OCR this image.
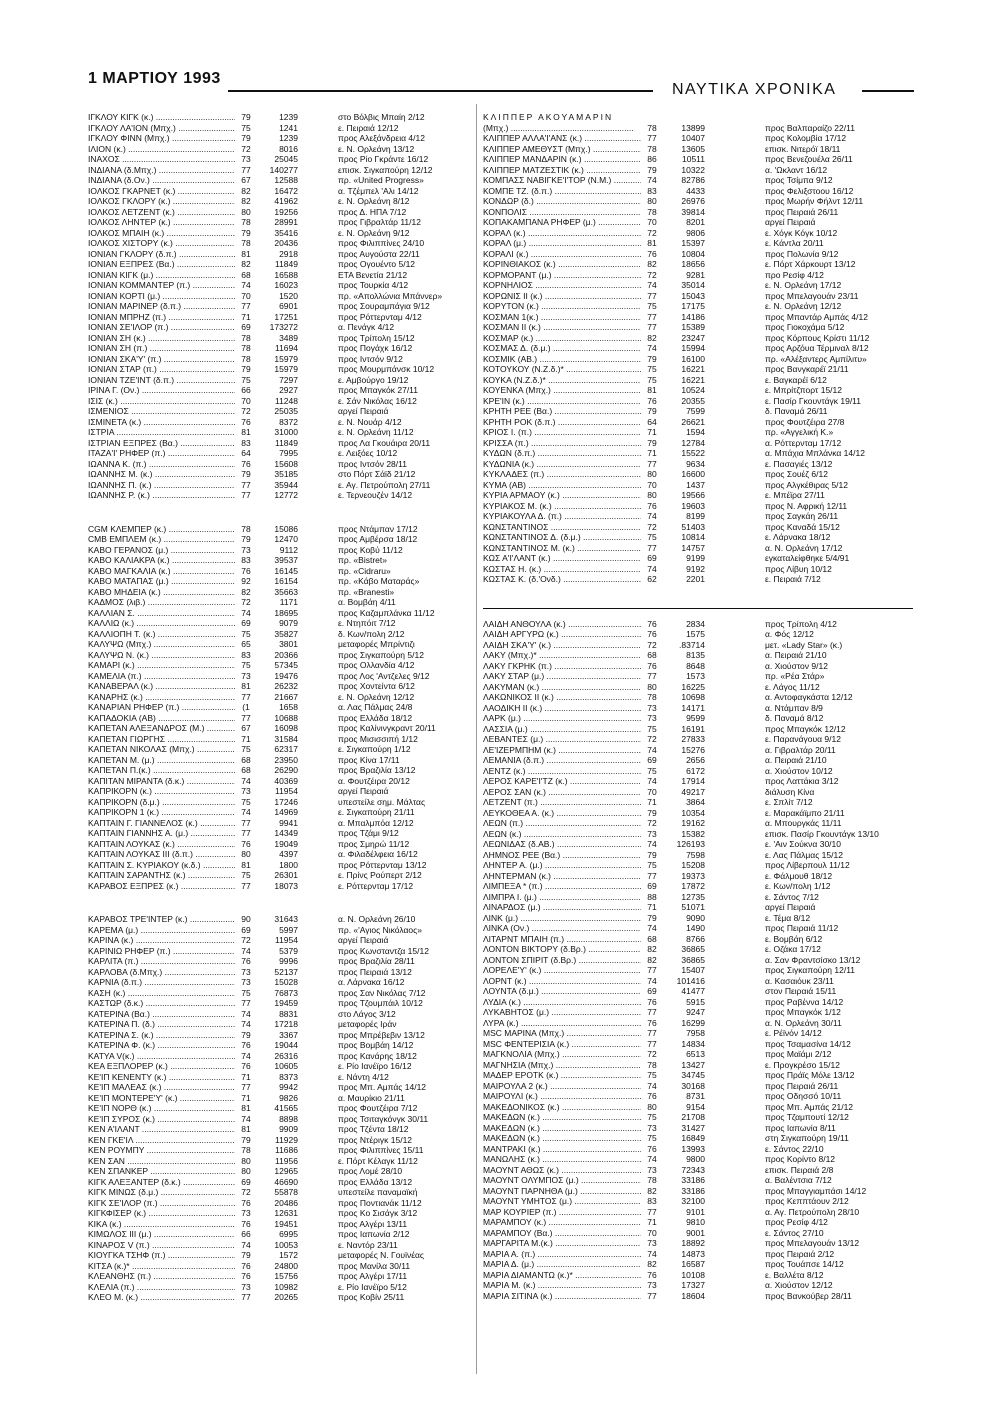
1 ΜΑΡΤΙΟΥ 1993
ΝΑΥΤΙΚΑ ΧΡΟΝΙΚΑ
ΙΓΚΛΟΥ ΚΙΓΚ (κ.) .....	79	1239	στο Βόλβις Μπαίη 2/12
ΙΓΚΛΟΥ ΛΑ'ΙΟΝ (Μπχ.) .....	75	1241	ε. Πειραιά 12/12
ΙΓΚΛΟΥ ΦΙΝΝ (Μπχ.) .....	79	1239	προς Αλεξάνδρεια 4/12
ΙΛΙΟΝ (κ.) .....	72	8016	ε. Ν. Ορλεάνη 13/12
ΙΝΑΧΟΣ .....	73	25045	προς Ρίο Γκράντε 16/12
ΙΝΔΙΑΝΑ (δ.Μπχ.) .....	77	140277	επισκ. Σιγκαπούρη 12/12
ΙΝΔΙΑΝΑ (δ.Ον.) .....	67	12588	πρ. «United Progress»
ΙΟΛΚΟΣ ΓΚΑΡΝΕΤ (κ.) .....	82	16472	α. Τζέμπελ 'Αλι 14/12
ΙΟΛΚΟΣ ΓΚΛΟΡΥ (κ.) .....	82	41962	ε. Ν. Ορλεάνη 8/12
ΙΟΛΚΟΣ ΛΕΤΖΕΝΤ (κ.) .....	80	19256	προς Δ. ΗΠΑ 7/12
ΙΟΛΚΟΣ ΛΗΝΤΕΡ (κ.) .....	78	28991	προς Γιβραλτάρ 11/12
ΙΟΛΚΟΣ ΜΠΑΙΗ (κ.) .....	79	35416	ε. Ν. Ορλεάνη 9/12
ΙΟΛΚΟΣ ΧΙΣΤΟΡΥ (κ.) .....	78	20436	προς Φιλιππίνες 24/10
ΙΟΝΙΑΝ ΓΚΛΟΡΥ (δ.π.) .....	81	2918	προς Αυγούστα 22/11
ΙΟΝΙΑΝ ΕΞΠΡΕΣ (Βα.) .....	82	11849	προς Ογουέντο 5/12
ΙΟΝΙΑΝ ΚΙΓΚ (μ.) .....	68	16588	ΕΤΑ Βενετία 21/12
ΙΟΝΙΑΝ ΚΟΜΜΑΝΤΕΡ (π.) .....	74	16023	προς Τουρκία 4/12
ΙΟΝΙΑΝ ΚΟΡΤΙ (μ.) .....	70	1520	πρ. «Απολλώνια Μπάννερ»
ΙΟΝΙΑΝ ΜΑΡΙΝΕΡ (δ.π.) .....	77	6901	προς Σουραμπάγια 9/12
ΙΟΝΙΑΝ ΜΠΡΗΖ (π.) .....	71	17251	προς Ρόττερνταμ 4/12
ΙΟΝΙΑΝ ΣΕ'ΙΛΟΡ (π.) .....	69	173272	α. Πενάγκ 4/12
ΙΟΝΙΑΝ ΣΗ (κ.) .....	78	3489	προς Τρίπολη 15/12
ΙΟΝΙΑΝ ΣΗ (π.) .....	78	11694	προς Πογάχκ 16/12
ΙΟΝΙΑΝ ΣΚΑ'Υ' (π.) .....	78	15979	προς Ιντσόν 9/12
ΙΟΝΙΑΝ ΣΤΑΡ (π.) .....	79	15979	προς Μουρμπάνσκ 10/12
ΙΟΝΙΑΝ ΤΖΕ'ΙΝΤ (δ.π.) .....	75	7297	ε. Αμβούργο 19/12
ΙΡΙΝΑ Γ. (Ον.) .....	66	2927	προς Μπαγκόκ 27/11
ΙΣΙΣ (κ.) .....	70	11248	ε. Σάν Νικόλας 16/12
ΙΣΜΕΝΙΟΣ .....	72	25035	αργεί Πειραιά
ΙΣΜΙΝΕΤΑ (κ.) .....	76	8372	ε. Ν. Νουάρ 4/12
ΙΣΤΡΙΑ .....	81	31000	ε. Ν. Ορλεάνη 11/12
ΙΣΤΡΙΑΝ ΕΞΠΡΕΣ (Βα.) .....	83	11849	προς Λα Γκουάιρα 20/11
ΙΤΑΖΑ'Ι' ΡΗΦΕΡ (π.) .....	64	7995	ε. Λειξόες 10/12
ΙΩΑΝΝΑ Κ. (π.) .....	76	15608	προς Ιντσόν 28/11
ΙΩΑΝΝΗΣ Μ. (κ.) .....	79	35185	στο Πόρτ Σάϊδ 21/12
ΙΩΑΝΝΗΣ Π. (κ.) .....	77	35944	ε. Αγ. Πετρούπολη 27/11
ΙΩΑΝΝΗΣ Ρ. (κ.) .....	77	12772	ε. Τερνεουζέν 14/12
CGM ΚΛΕΜΠΕΡ (κ.) .....	78	15086	προς Ντάμπαν 17/12
CMB ΕΜΠΛΕΜ (κ.) .....	79	12470	προς Αμβέρσα 18/12
ΚΑΒΟ ΓΕΡΑΝΟΣ (μ.) .....	73	9112	προς Κοβύ 11/12
ΚΑΒΟ ΚΑΛΙΑΚΡΑ (κ.) .....	83	39537	πρ. «Bistret»
ΚΑΒΟ ΜΑΓΚΑΛΙΑ (κ.) .....	76	16145	πρ. «Cidraru»
ΚΑΒΟ ΜΑΤΑΠΑΣ (μ.) .....	92	16154	πρ. «Κάβο Ματαράς»
ΚΑΒΟ ΜΗΔΕΙΑ (κ.) .....	82	35663	πρ. «Branesti»
ΚΑΔΜΟΣ (λιβ.) .....	72	1171	α. Βομβάη 4/11
ΚΑΛΛΙΑΝ Σ. .....	74	18695	προς Καζαμπλάνκα 11/12
ΚΑΛΛΙΩ (κ.) .....	69	9079	ε. Ντηπόιτ 7/12
ΚΑΛΛΙΟΠΗ Τ. (κ.) .....	75	35827	δ. Κων/πολη 2/12
ΚΑΛΥΨΩ (Μπχ.) .....	65	3801	μεταφορές Μπρίντιζι
ΚΑΛΥΨΩ Ν. (κ.) .....	83	20366	προς Σιγκαπούρη 5/12
ΚΑΜΑΡΙ (κ.) .....	75	57345	προς Ολλανδία 4/12
ΚΑΜΕΛΙΑ (π.) .....	73	19476	προς Λος 'Αντζελες 9/12
ΚΑΝΑΒΕΡΑΛ (κ.) .....	81	26232	προς Χοντείντα 6/12
ΚΑΝΑΡΗΣ (κ.) .....	77	21667	ε. Ν. Ορλεάνη 12/12
ΚΑΝΑΡΙΑΝ ΡΗΦΕΡ (π.) .....	(1	1658	α. Λας Πάλμας 24/8
ΚΑΠΑΔΟΚΙΑ (ΑΒ) .....	77	10688	προς Ελλάδα 18/12
ΚΑΠΕΤΑΝ ΑΛΕΞΑΝΔΡΟΣ (Μ.) .....	67	16098	προς Καλίνινγκραντ 20/11
ΚΑΠΕΤΑΝ ΓΙΩΡΓΗΣ .....	71	31584	προς Μισισσιπή 1/12
ΚΑΠΕΤΑΝ ΝΙΚΟΛΑΣ (Μπχ.) .....	75	62317	ε. Σιγκαπούρη 1/12
ΚΑΠΕΤΑΝ Μ. (μ.) .....	68	23950	προς Κίνα 17/11
ΚΑΠΕΤΑΝ Π.(κ.) .....	68	26290	προς Βραζιλία 13/12
ΚΑΠΙΤΑΝ ΜΙΡΑΝΤΑ (δ.κ.) .....	74	40369	α. Φουτζέιρα 20/12
ΚΑΠΡΙΚΟΡΝ (κ.) .....	73	11954	αργεί Πειραιά
ΚΑΠΡΙΚΟΡΝ (δ.μ.) .....	75	17246	υπεστείλε σημ. Μάλτας
ΚΑΠΡΙΚΟΡΝ 1 (κ.) .....	74	14969	ε. Σιγκαπούρη 21/11
ΚΑΠΤΑΙΝ Γ. ΓΙΑΝΝΕΛΟΣ (κ.) .....	77	9941	α. Μπαλμπόα 12/12
ΚΑΠΤΑΙΝ ΓΙΑΝΝΗΣ Α. (μ.) .....	77	14349	προς Τζάμι 9/12
ΚΑΠΤΑΙΝ ΛΟΥΚΑΣ (κ.) .....	76	19049	προς Σμηρώ 11/12
ΚΑΠΤΑΙΝ ΛΟΥΚΑΣ ΙΙΙ (δ.π.) .....	80	4397	α. Φιλαδέλφεια 16/12
ΚΑΠΤΑΙΝ Σ. ΚΥΡΙΑΚΟΥ (κ.δ.) .....	81	1800	προς Ρόττερνταμ 13/12
ΚΑΠΤΑΙΝ ΣΑΡΑΝΤΗΣ (κ.) .....	75	26301	ε. Πρίνς Ρούπερτ 2/12
ΚΑΡΑΒΟΣ ΕΞΠΡΕΣ (κ.) .....	77	18073	ε. Ρόττερνταμ 17/12
ΚΑΡΑΒΟΣ ΤΡΕ'ΙΝΤΕΡ (κ.) .....	90	31643	α. Ν. Ορλεάνη 26/10
ΚΑΡΕΜΑ (μ.) .....	69	5997	πρ. «'Αγιος Νικόλαος»
ΚΑΡΙΝΑ (κ.) .....	72	11954	αργεί Πειραιά
ΚΑΡΙΝΙΩ ΡΗΦΕΡ (π.) .....	74	5379	προς Κωνσταντζα 15/12
ΚΑΡΛΙΤΑ (π.) .....	76	9996	προς Βραζιλία 28/11
ΚΑΡΛΟΒΑ (δ.Μπχ.) .....	73	52137	προς Πειραιά 13/12
ΚΑΡΝΙΑ (δ.π.) .....	73	15028	α. Λάρνακα 16/12
ΚΑΣΗ (κ.) .....	75	76873	προς Σαν Νικόλας 7/12
ΚΑΣΤΩΡ (δ.κ.) .....	77	19459	προς Τζουμπάιλ 10/12
ΚΑΤΕΡΙΝΑ (Βα.) .....	74	8831	στο Λάγος 3/12
ΚΑΤΕΡΙΝΑ Π. (δ.) .....	74	17218	μεταφορές Ιράν
ΚΑΤΕΡΙΝΑ Σ. (κ.) .....	79	3367	προς Μπρέβεβιν 13/12
ΚΑΤΕΡΙΝΑ Φ. (κ.) .....	76	19044	προς Βομβάη 14/12
ΚΑΤΥΑ V(κ.) .....	74	26316	προς Κανάρης 18/12
ΚΕΑ ΕΞΠΛΟΡΕΡ (κ.) .....	76	10605	ε. Ρίο Ιανέϊρο 16/12
ΚΕ'ΙΠ ΚΕΝΕΝΤΥ (κ.) .....	71	8373	ε. Νάντη 4/12
ΚΕ'ΙΠ ΜΑΛΕΑΣ (κ.) .....	77	9942	προς Μπ. Αμπάς 14/12
ΚΕ'ΙΠ ΜΟΝΤΕΡΕ'Υ' (κ.) .....	71	9826	α. Μαυρίκιο 21/11
ΚΕ'ΙΠ ΝΟΡΘ (κ.) .....	81	41565	προς Φουτζέιρα 7/12
ΚΕ'ΙΠ ΣΥΡΟΣ (κ.) .....	74	8898	προς Τσιταγκόνγκ 30/11
ΚΕΝ Α'ΙΛΑΝΤ .....	81	9909	προς Τζέντα 18/12
ΚΕΝ ΓΚΕ'ΙΛ .....	79	11929	προς Ντέριγκ 15/12
ΚΕΝ ΡΟΥΜΠΥ .....	78	11686	προς Φιλιππίνες 15/11
ΚΕΝ ΣΑΝ .....	80	11956	ε. Πόρτ Κέλαγκ 11/12
ΚΕΝ ΣΠΑΝΚΕΡ .....	80	12965	προς Λομέ 28/10
ΚΙΓΚ ΑΛΕΞΑΝΤΕΡ (δ.κ.) .....	69	46690	προς Ελλάδα 13/12
ΚΙΓΚ ΜΙΝΩΣ (δ.μ.) .....	72	55878	υπεστείλε παναμαϊκή
ΚΙΓΚ ΣΕ'ΙΛΟΡ (π.) .....	76	20486	προς Ποντιανάκ 11/12
ΚΙΓΚΦΙΣΕΡ (κ.) .....	73	12631	προς Κο Σισάγκ 3/12
ΚΙΚΑ (κ.) .....	76	19451	προς Αλγέρι 13/11
ΚΙΜΩΛΟΣ ΙΙΙ (μ.) .....	66	6995	προς Ιαπωνία 2/12
ΚΙΝΑΡΟΣ V (π.) .....	74	10053	ε. Ναντόρ 23/11
ΚΙΟΥΓΚΑ ΤΣΗΦ (π.) .....	79	1572	μεταφορές Ν. Γουϊνέας
ΚΙΤΣΑ (κ.)* .....	76	24800	προς Μανίλα 30/11
ΚΛΕΑΝΘΗΣ (π.) .....	76	15756	προς Αλγέρι 17/11
ΚΛΕΛΙΑ (π.) .....	73	10982	ε. Ρίο Ιανέϊρο 5/12
ΚΛΕΟ Μ. (κ.) .....	77	20265	προς Κοβίν 25/11
ΚΛΙΠΠΕΡ ΑΚΟΥΑΜΑΡΙΝ
(Μπχ.) .....	78	13899	προς Βαλπαραίζο 22/11
ΚΛΙΠΠΕΡ ΑΛΛΑ'Ι'ΑΝΣ (κ.) .....	77	10407	προς Κολομβία 17/12
ΚΛΙΠΠΕΡ ΑΜΕΘΥΣΤ (Μπχ.) .....	78	13605	επισκ. Νιτερόϊ 18/11
ΚΛΙΠΠΕΡ ΜΑΝΔΑΡΙΝ (κ.) .....	86	10511	προς Βενεζουέλα 26/11
ΚΛΙΠΠΕΡ ΜΑΤΖΕΣΤΙΚ (κ.) .....	79	10322	α. 'Ωκλαντ 16/12
ΚΟΜΠΑΣΣ ΝΑΒΙΓΚΕ'Ι'ΤΟΡ (Ν.Μ.) .....	74	82786	προς Τσίμπα 9/12
ΚΟΜΠΕ ΤΖ. (δ.π.) .....	83	4433	προς Φελιξστοου 16/12
ΚΟΝΔΩΡ (δ.) .....	80	26976	προς Μωρήν Φήλντ 12/11
ΚΟΝΠΟΛΙΣ .....	78	39814	προς Πειραιά 26/11
ΚΟΠΑΚΑΜΠΑΝΑ ΡΗΦΕΡ (μ.) .....	70	8201	αργεί Πειραιά
ΚΟΡΑΛ (κ.) .....	72	9806	ε. Χόγκ Κόγκ 10/12
ΚΟΡΑΛ (μ.) .....	81	15397	ε. Κάντλα 20/11
ΚΟΡΑΛΙ (κ.) .....	76	10804	προς Πολωνία 9/12
ΚΟΡΙΝΘΙΑΚΟΣ (κ.) .....	82	18656	ε. Πόρτ Χάρκουρτ 13/12
ΚΟΡΜΟΡΑΝΤ (μ.) .....	72	9281	προ Ρεσίφ 4/12
ΚΟΡΝΗΛΙΟΣ .....	74	35014	ε. Ν. Ορλεάνη 17/12
ΚΟΡΩΝΙΣ ΙΙ (κ.) .....	77	15043	προς Μπελαγουάν 23/11
ΚΟΡΥΤΟΝ (κ.) .....	75	17175	ε. Ν. Ορλεάνη 12/12
ΚΟΣΜΑΝ 1(κ.) .....	77	14186	προς Μπαντάρ Αμπάς 4/12
ΚΟΣΜΑΝ ΙΙ (κ.) .....	77	15389	προς Γιοκοχάμα 5/12
ΚΟΣΜΑΡ (κ.) .....	82	23247	προς Κόρπους Κρίστι 11/12
ΚΟΣΜΑΣ Δ. (δ.μ.) .....	74	15994	προς Αρζόυα Τέρμιναλ 8/12
ΚΟΣΜΙΚ (ΑΒ.) .....	79	16100	πρ. «Αλέξαντερς Αμπίλιτυ»
ΚΟΤΟΥΚΟΥ (Ν.Ζ.δ.)* .....	75	16221	προς Βανγκαρέϊ 21/11
ΚΟΥΚΑ (Ν.Ζ.δ.)* .....	75	16221	ε. Βαγκαρέϊ 6/12
ΚΟΥΕΝΚΑ (Μπχ.) .....	81	10524	ε. Μπρίτζπορτ 15/12
ΚΡΕ'ΙΝ (κ.) .....	76	20355	ε. Πασίρ Γκουντάγκ 19/11
ΚΡΗΤΗ ΡΕΕ (Βα.) .....	79	7599	δ. Παναμά 26/11
ΚΡΗΤΗ ΡΟΚ (δ.π.) .....	64	26621	προς Φουτζέιρα 27/8
ΚΡΙΟΣ Ι. (π.) .....	71	1594	πρ. «Αγγελική Κ.»
ΚΡΙΣΣΑ (π.) .....	79	12784	α. Ρόττερνταμ 17/12
ΚΥΔΩΝ (δ.π.) .....	71	15522	α. Μπάχια Μπλάνκα 14/12
ΚΥΔΩΝΙΑ (κ.) .....	77	9634	ε. Πασαγιές 13/12
ΚΥΚΛΑΔΕΣ (π.) .....	80	16600	προς Σουέζ 6/12
ΚΥΜΑ (ΑΒ) .....	70	1437	προς Αλγκέθιρας 5/12
ΚΥΡΙΑ ΑΡΜΑΟΥ (κ.) .....	80	19566	ε. Μπέϊρα 27/11
ΚΥΡΙΑΚΟΣ Μ. (κ.) .....	76	19603	προς Ν. Αφρική 12/11
ΚΥΡΙΑΚΟΥΛΑ Δ. (π.) .....	74	8199	προς Σαγκάη 26/11
ΚΩΝΣΤΑΝΤΙΝΟΣ .....	72	51403	προς Καναδά 15/12
ΚΩΝΣΤΑΝΤΙΝΟΣ Δ. (δ.μ.) .....	75	10814	ε. Λάρνακα 18/12
ΚΩΝΣΤΑΝΤΙΝΟΣ Μ. (κ.) .....	77	14757	α. Ν. Ορλεάνη 17/12
ΚΩΣ Α'Ι'ΛΑΝΤ (κ.) .....	69	9199	εγκαταλείφθηκε 5/4/91
ΚΩΣΤΑΣ Η. (κ.) .....	74	9192	προς Λίβυη 10/12
ΚΩΣΤΑΣ Κ. (δ.'Ονδ.) .....	62	2201	ε. Πειραιά 7/12
ΛΑΙΔΗ ΑΝΘΟΥΛΑ (κ.) .....	76	2834	προς Τρίπολη 4/12
ΛΑΙΔΗ ΑΡΓΥΡΩ (κ.) .....	76	1575	α. Φός 12/12
ΛΑΙΔΗ ΣΚΑ'Υ' (κ.) .....	72	.83714	μετ. «Lady Star» (κ.)
ΛΑΚΥ (Μπχ.)* .....	68	8135	α. Πειραιά 21/10
ΛΑΚΥ ΓΚΡΗΚ (π.) .....	76	8648	α. Χιούστον 9/12
ΛΑΚΥ ΣΤΑΡ (μ.) .....	77	1573	πρ. «Ρέα Στάρ»
ΛΑΚΥΜΑΝ (κ.) .....	80	16225	ε. Λάγος 11/12
ΛΑΚΩΝΙΚΟΣ ΙΙ (κ.) .....	78	10698	α. Αντοφαγκάστα 12/12
ΛΑΟΔΙΚΗ ΙΙ (κ.) .....	73	14171	α. Ντάμπαν 8/9
ΛΑΡΚ (μ.) .....	73	9599	δ. Παναμά 8/12
ΛΑΣΣΙΑ (μ.) .....	75	16191	προς Μπαγκόκ 12/12
ΛΕΒΑΝΤΕΣ (μ.) .....	72	27833	ε. Παρανάγουα 9/12
ΛΕ'ΙΖΕΡΜΠΗΜ (κ.) .....	74	15276	α. Γιβραλτάρ 20/11
ΛΕΜΑΝΙΑ (δ.π.) .....	69	2656	α. Πειραιά 21/10
ΛΕΝΤΖ (κ.) .....	75	6172	α. Χιούστον 10/12
ΛΕΡΟΣ ΚΑΡΕ'Ι'ΤΖ (κ.) .....	74	17914	προς Λαττάκια 3/12
ΛΕΡΟΣ ΣΑΝ (κ.) .....	70	49217	διάλυση Κίνα
ΛΕΤΖΕΝΤ (π.) .....	71	3864	ε. Σπλίτ 7/12
ΛΕΥΚΟΘΕΑ Α. (κ.) .....	79	10354	ε. Μαρακάϊμπο 21/11
ΛΕΩΝ (π.) .....	72	19162	α. Μπουργκάς 11/11
ΛΕΩΝ (κ.) .....	73	15382	επισκ. Πασίρ Γκουντάγκ 13/10
ΛΕΩΝΙΔΑΣ (δ.ΑΒ.) .....	74	126193	ε. 'Αιν Σούκνα 30/10
ΛΗΜΝΟΣ ΡΕΕ (Βα.) .....	79	7598	ε. Λας Πάλμας 15/12
ΛΗΝΤΕΡ Α. (μ.) .....	75	15208	προς Λίβερπουλ 11/12
ΛΗΝΤΕΡΜΑΝ (κ.) .....	77	19373	ε. Φάλμουθ 18/12
ΛΙΜΠΕΞΑ * (π.) .....	69	17872	ε. Κων/πολη 1/12
ΛΙΜΠΡΑ Ι. (μ.) .....	88	12735	ε. Σάντος 7/12
ΛΙΝΑΡΔΟΣ (μ.) .....	71	51071	αργεί Πειραιά
ΛΙΝΚ (μ.) .....	79	9090	ε. Τέμα 8/12
ΛΙΝΚΑ (Ον.) .....	74	1490	προς Πειραιά 11/12
ΛΙΤΑΡΝΤ ΜΠΑΙΗ (π.) .....	68	8766	ε. Βομβάη 6/12
ΛΟΝΤΟΝ ΒΙΚΤΟΡΥ (δ.Βρ.) .....	82	36865	ε. Οζάκα 17/12
ΛΟΝΤΟΝ ΣΠΙΡΙΤ (δ.Βρ.) .....	82	36865	α. Σαν Φραντσίσκο 13/12
ΛΟΡΕΛΕ'Υ' (κ.) .....	77	15407	προς Σιγκαπούρη 12/11
ΛΟΡΝΤ (κ.) .....	74	101416	α. Κασαιόυκ 23/11
ΛΟΥΝΤΑ (δ.μ.) .....	69	41477	στον Πειραιά 15/11
ΛΥΔΙΑ (κ.) .....	76	5915	προς Ραβέννα 14/12
ΛΥΚΑΒΗΤΟΣ (μ.) .....	77	9247	προς Μπαγκόκ 1/12
ΛΥΡΑ (κ.) .....	76	16299	α. Ν. Ορλεάνη 30/11
MSC ΜΑΡΙΝΑ (Μπχ.) .....	77	7958	ε. Ρέϊνόν 14/12
MSC ΦΕΝΤΕΡΙΣΙΑ (κ.) .....	77	14834	προς Τσαμασίνα 14/12
ΜΑΓΚΝΟΛΙΑ (Μπχ.) .....	72	6513	προς Μαϊάμι 2/12
ΜΑΓΝΗΣΙΑ (Μπχ.) .....	78	13427	ε. Προγκρέσο 15/12
ΜΑΔΕΡ ΕΡΟΤΚ (κ.) .....	75	34745	προς Πράϊς Μόλε 13/12
ΜΑΙΡΟΥΛΑ 2 (κ.) .....	74	30168	προς Πειραιά 26/11
ΜΑΙΡΟΥΛΙ (κ.) .....	76	8731	προς Οδησσό 10/11
ΜΑΚΕΔΟΝΙΚΟΣ (κ.) .....	80	9154	προς Μπ. Αμπάς 21/12
ΜΑΚΕΔΩΝ (κ.) .....	75	21708	προς Τζαμπουτί 12/12
ΜΑΚΕΔΩΝ (κ.) .....	73	31427	προς Ιαπωνία 8/11
ΜΑΚΕΔΩΝ (κ.) .....	75	16849	στη Σιγκαπούρη 19/11
ΜΑΝΤΡΑΚΙ (κ.) .....	76	13993	ε. Σάντος 22/10
ΜΑΝΩΛΗΣ (κ.) .....	74	9800	προς Κορίντο 8/12
ΜΑΟΥΝΤ ΑΘΩΣ (κ.) .....	73	72343	επισκ. Πειραιά 2/8
ΜΑΟΥΝΤ ΟΛΥΜΠΟΣ (μ.) .....	78	33186	α. Βαλέντσια 7/12
ΜΑΟΥΝΤ ΠΑΡΝΗΘΑ (μ.) .....	82	33186	προς Μπαγγιαμπάσι 14/12
ΜΑΟΥΝΤ ΥΜΗΤΟΣ (μ.) .....	83	32100	προς Κεππτάουν 2/12
ΜΑΡ ΚΟΥΡΙΕΡ (π.) .....	77	9101	α. Αγ. Πετρούπολη 28/10
ΜΑΡΑΜΠΟΥ (κ.) .....	71	9810	προς Ρεσίφ 4/12
ΜΑΡΑΜΠΟΥ (Βα.) .....	70	9001	ε. Σάντος 27/10
ΜΑΡΓΑΡΙΤΑ Μ.(κ.) .....	73	18892	προς Μπελαγουάν 13/12
ΜΑΡΙΑ Α. (π.) .....	74	14873	προς Πειραιά 2/12
ΜΑΡΙΑ Δ. (μ.) .....	82	16587	προς Τουάπσε 14/12
ΜΑΡΙΑ ΔΙΑΜΑΝΤΩ (κ.)* .....	76	10108	ε. Βαλλέτα 8/12
ΜΑΡΙΑ Μ. (κ.) .....	73	17327	α. Χιούστον 12/12
ΜΑΡΙΑ ΣΙΤΙΝΑ (κ.) .....	77	18604	προς Βανκούβερ 28/11
